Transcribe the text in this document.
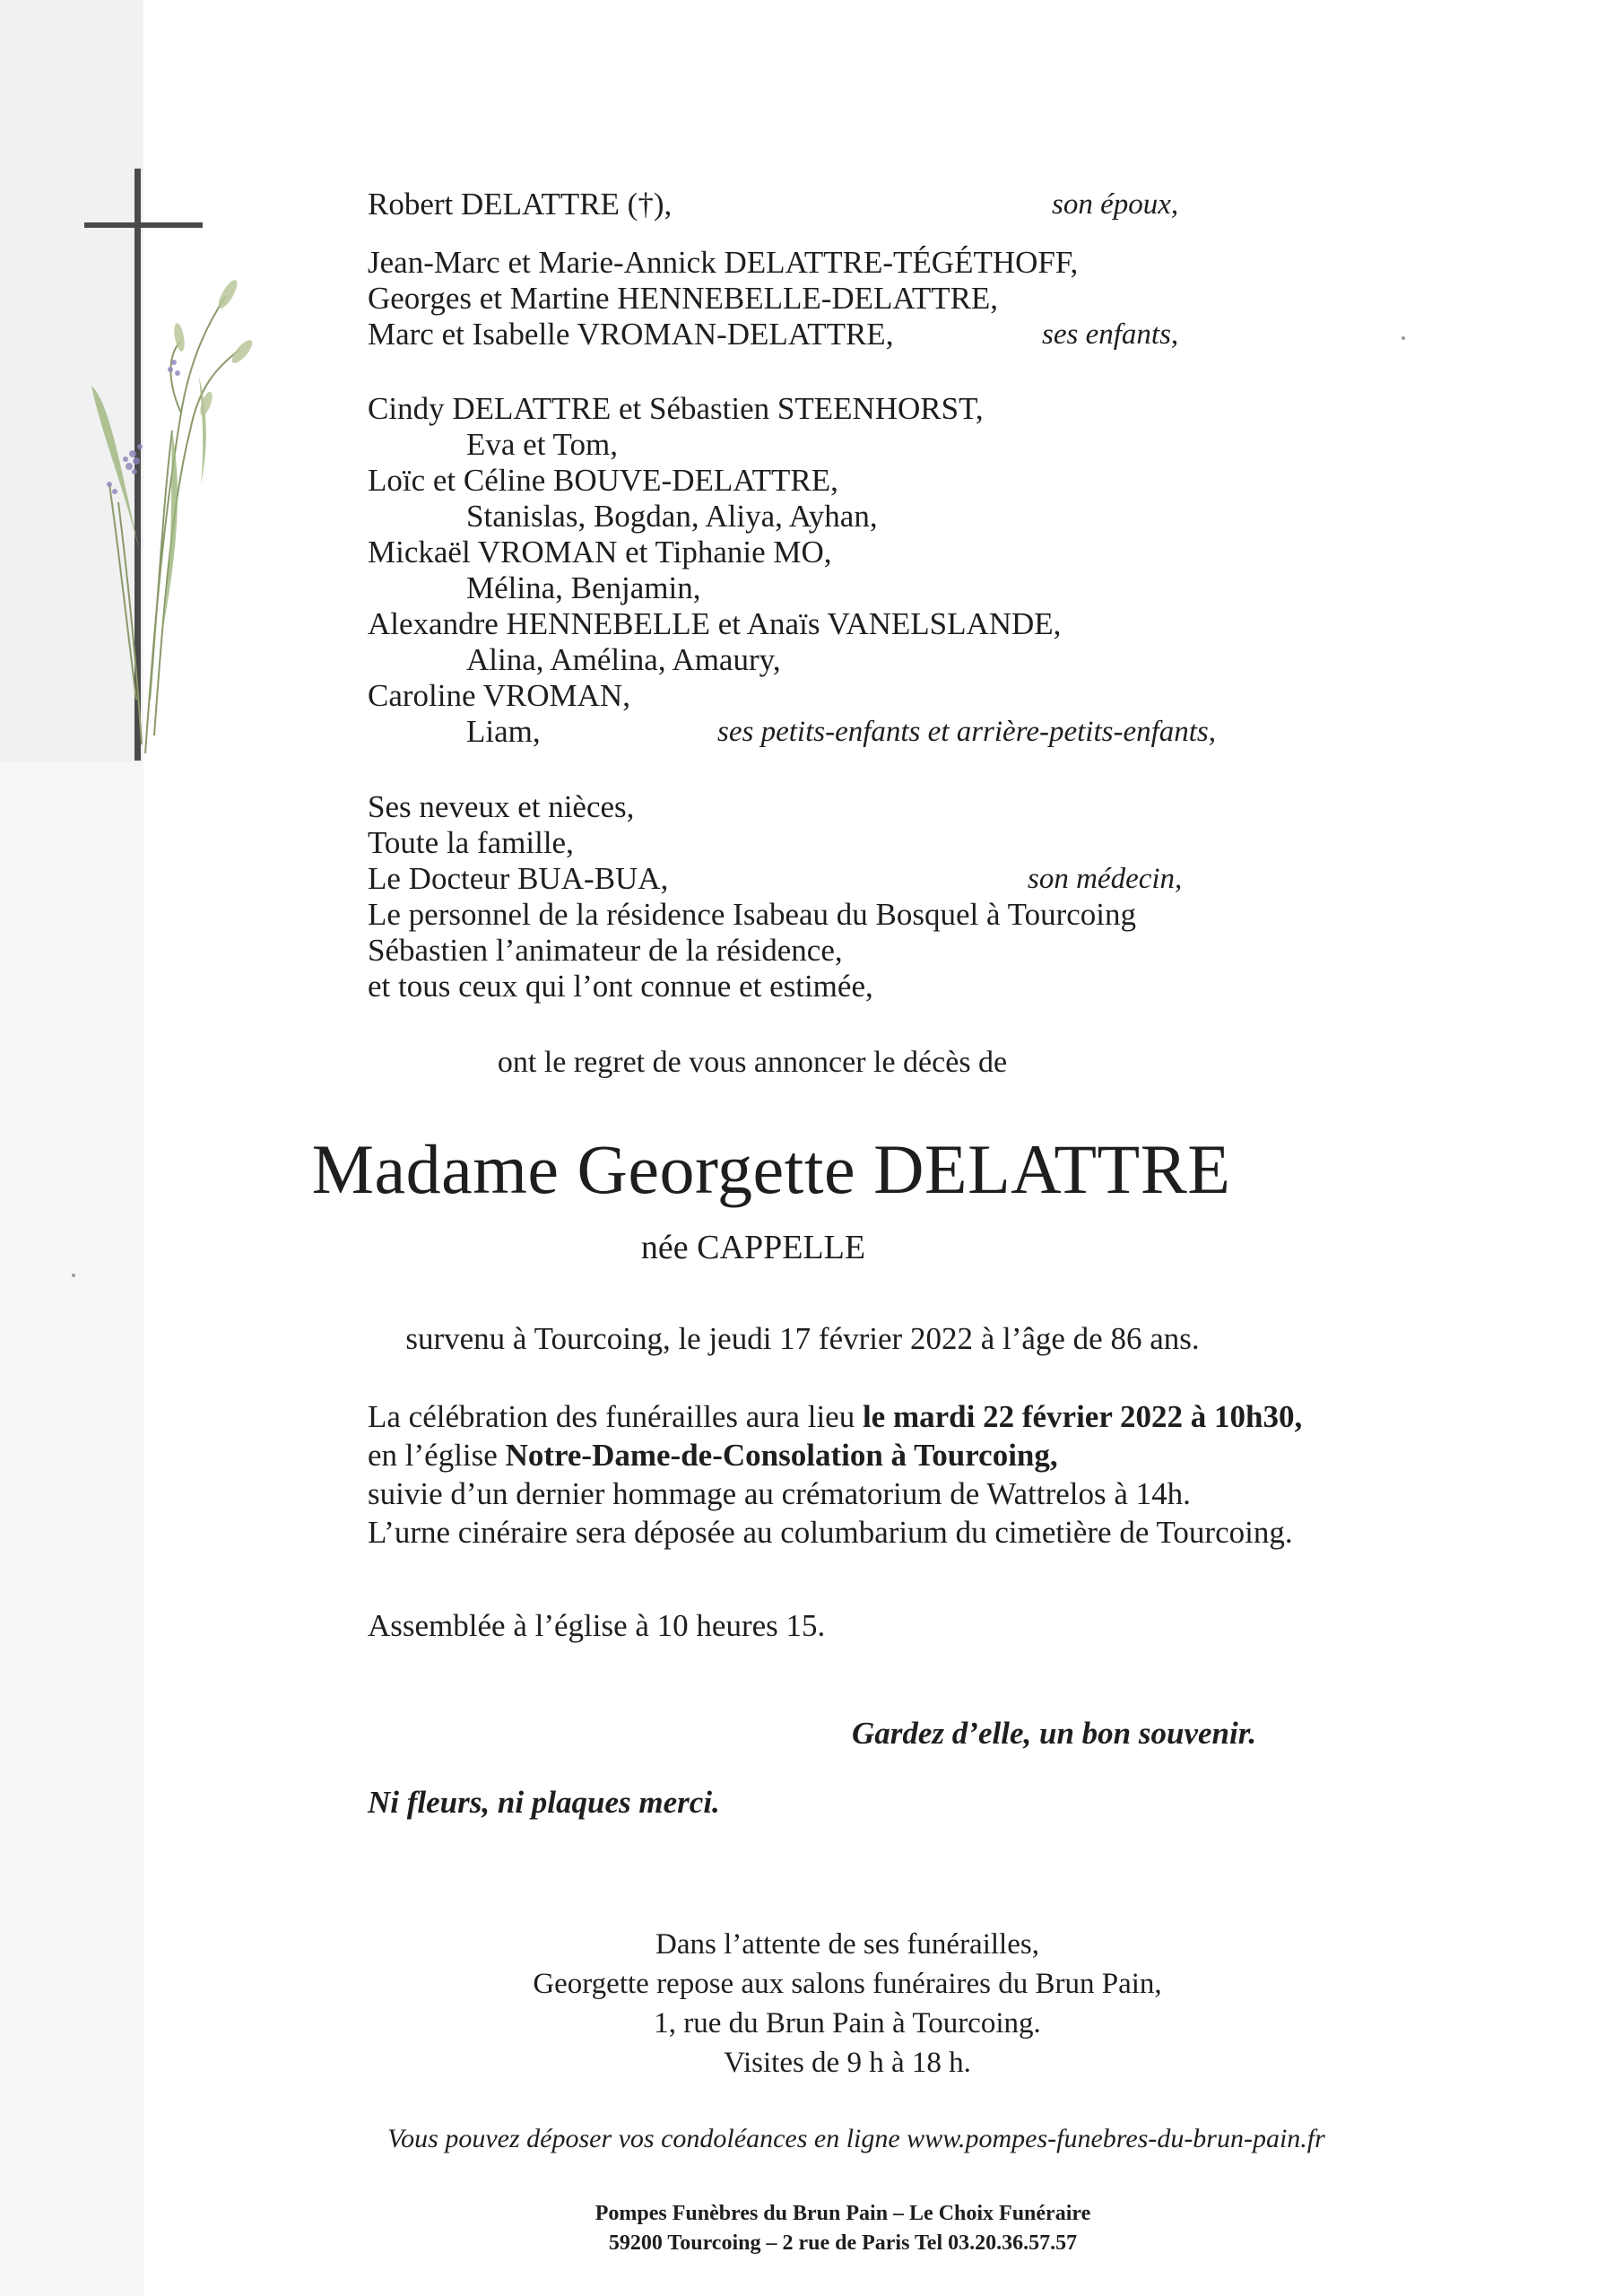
Robert DELATTRE (†),	son époux,
Jean-Marc et Marie-Annick DELATTRE-TÉGÉTHOFF,
Georges et Martine HENNEBELLE-DELATTRE,
Marc et Isabelle VROMAN-DELATTRE,	ses enfants,
Cindy DELATTRE et Sébastien STEENHORST,
Eva et Tom,
Loïc et Céline BOUVE-DELATTRE,
Stanislas, Bogdan, Aliya, Ayhan,
Mickaël VROMAN et Tiphanie MO,
Mélina, Benjamin,
Alexandre HENNEBELLE et Anaïs VANELSLANDE,
Alina, Amélina, Amaury,
Caroline VROMAN,
Liam,	ses petits-enfants et arrière-petits-enfants,
Ses neveux et nièces,
Toute la famille,
Le Docteur BUA-BUA,	son médecin,
Le personnel de la résidence Isabeau du Bosquel à Tourcoing
Sébastien l’animateur de la résidence,
et tous ceux qui l’ont connue et estimée,
ont le regret de vous annoncer le décès de
Madame Georgette DELATTRE
née CAPPELLE
survenu à Tourcoing, le jeudi 17 février 2022 à l’âge de 86 ans.
La célébration des funérailles aura lieu le mardi 22 février 2022 à 10h30,
en l’église Notre-Dame-de-Consolation à Tourcoing,
suivie d’un dernier hommage au crématorium de Wattrelos à 14h.
L’urne cinéraire sera déposée au columbarium du cimetière de Tourcoing.
Assemblée à l’église à 10 heures 15.
Gardez d’elle, un bon souvenir.
Ni fleurs, ni plaques merci.
Dans l’attente de ses funérailles,
Georgette repose aux salons funéraires du Brun Pain,
1, rue du Brun Pain à Tourcoing.
Visites de 9 h à 18 h.
Vous pouvez déposer vos condoléances en ligne www.pompes-funebres-du-brun-pain.fr
Pompes Funèbres du Brun Pain – Le Choix Funéraire
59200 Tourcoing – 2 rue de Paris Tel 03.20.36.57.57
